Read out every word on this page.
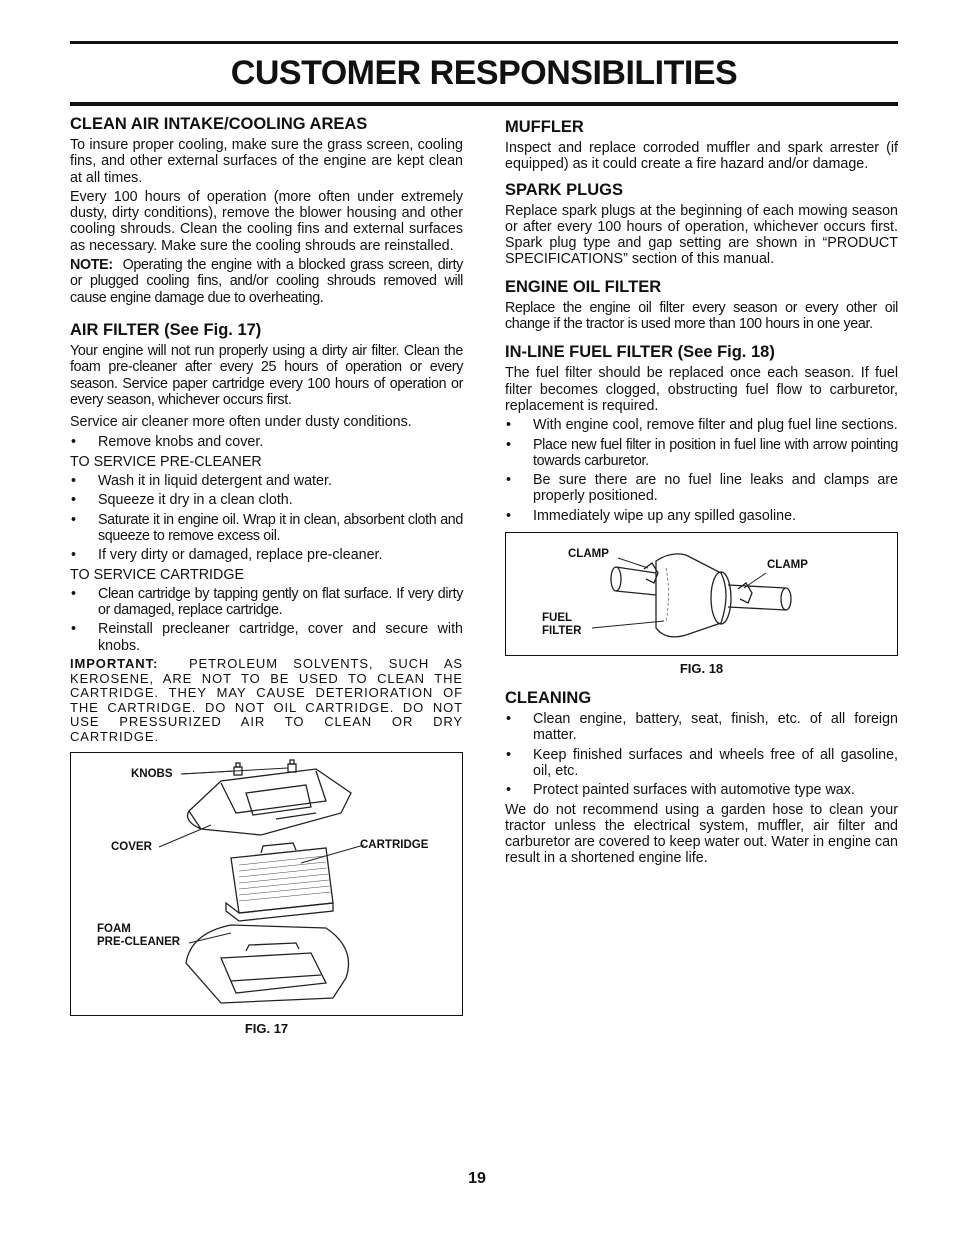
CUSTOMER RESPONSIBILITIES
CLEAN AIR INTAKE/COOLING AREAS

To insure proper cooling, make sure the grass screen, cooling fins, and other external surfaces of the engine are kept clean at all times.

Every 100 hours of operation (more often under extremely dusty, dirty conditions), remove the blower housing and other cooling shrouds. Clean the cooling fins and external surfaces as necessary. Make sure the cooling shrouds are reinstalled.

NOTE: Operating the engine with a blocked grass screen, dirty or plugged cooling fins, and/or cooling shrouds removed will cause engine damage due to overheating.

AIR FILTER (See Fig. 17)

Your engine will not run properly using a dirty air filter. Clean the foam pre-cleaner after every 25 hours of operation or every season. Service paper cartridge every 100 hours of operation or every season, whichever occurs first.

Service air cleaner more often under dusty conditions.

• Remove knobs and cover.
TO SERVICE PRE-CLEANER
• Wash it in liquid detergent and water.
• Squeeze it dry in a clean cloth.
• Saturate it in engine oil. Wrap it in clean, absorbent cloth and squeeze to remove excess oil.
• If very dirty or damaged, replace pre-cleaner.
TO SERVICE CARTRIDGE
• Clean cartridge by tapping gently on flat surface. If very dirty or damaged, replace cartridge.
• Reinstall precleaner cartridge, cover and secure with knobs.

IMPORTANT: PETROLEUM SOLVENTS, SUCH AS KEROSENE, ARE NOT TO BE USED TO CLEAN THE CARTRIDGE. THEY MAY CAUSE DETERIORATION OF THE CARTRIDGE. DO NOT OIL CARTRIDGE. DO NOT USE PRESSURIZED AIR TO CLEAN OR DRY CARTRIDGE.

KNOBS
COVER	CARTRIDGE
FOAM
PRE-CLEANER
FIG. 17
MUFFLER

Inspect and replace corroded muffler and spark arrester (if equipped) as it could create a fire hazard and/or damage.

SPARK PLUGS

Replace spark plugs at the beginning of each mowing season or after every 100 hours of operation, whichever occurs first. Spark plug type and gap setting are shown in “PRODUCT SPECIFICATIONS” section of this manual.

ENGINE OIL FILTER

Replace the engine oil filter every season or every other oil change if the tractor is used more than 100 hours in one year.

IN-LINE FUEL FILTER (See Fig. 18)

The fuel filter should be replaced once each season. If fuel filter becomes clogged, obstructing fuel flow to carburetor, replacement is required.

• With engine cool, remove filter and plug fuel line sections.
• Place new fuel filter in position in fuel line with arrow pointing towards carburetor.
• Be sure there are no fuel line leaks and clamps are properly positioned.
• Immediately wipe up any spilled gasoline.
CLAMP
CLAMP
FUEL
FILTER
FIG. 18
CLEANING
• Clean engine, battery, seat, finish, etc. of all foreign matter.
• Keep finished surfaces and wheels free of all gasoline, oil, etc.
• Protect painted surfaces with automotive type wax.

We do not recommend using a garden hose to clean your tractor unless the electrical system, muffler, air filter and carburetor are covered to keep water out. Water in engine can result in a shortened engine life.

19
